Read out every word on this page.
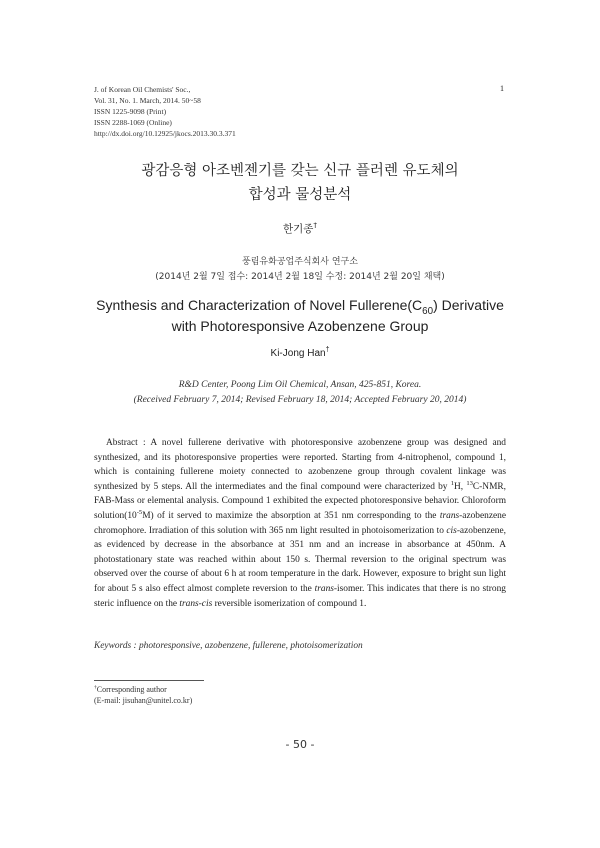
J. of Korean Oil Chemists' Soc.,
Vol. 31, No. 1. March, 2014. 50~58
ISSN 1225-9098 (Print)
ISSN 2288-1069 (Online)
http://dx.doi.org/10.12925/jkocs.2013.30.3.371
1
광감응형 아조벤젠기를 갖는 신규 플러렌 유도체의
합성과 물성분석
한기종†
풍림유화공업주식회사 연구소
(2014년 2월 7일 접수: 2014년 2월 18일 수정: 2014년 2월 20일 채택)
Synthesis and Characterization of Novel $Fullerene(C_{60})$ Derivative
with Photoresponsive Azobenzene Group
Ki-Jong Han†
R&D Center, Poong Lim Oil Chemical, Ansan, 425-851, Korea.
(Received February 7, 2014; Revised February 18, 2014; Accepted February 20, 2014)
Abstract : A novel fullerene derivative with photoresponsive azobenzene group was designed and synthesized, and its photoresponsive properties were reported. Starting from 4-nitrophenol, compound 1, which is containing fullerene moiety connected to azobenzene group through covalent linkage was synthesized by 5 steps. All the intermediates and the final compound were characterized by $^1$H, $^{13}$C-NMR, FAB-Mass or elemental analysis. Compound 1 exhibited the expected photoresponsive behavior. Chloroform $solution(10^{-5}M)$ of it served to maximize the absorption at 351 nm corresponding to the trans-azobenzene chromophore. Irradiation of this solution with 365 nm light resulted in photoisomerization to cis-azobenzene, as evidenced by decrease in the absorbance at 351 nm and an increase in absorbance at 450nm. A photostationary state was reached within about 150 s. Thermal reversion to the original spectrum was observed over the course of about 6 h at room temperature in the dark. However, exposure to bright sun light for about 5 s also effect almost complete reversion to the trans-isomer. This indicates that there is no strong steric influence on the trans-cis reversible isomerization of compound 1.
Keywords : photoresponsive, azobenzene, fullerene, photoisomerization
†Corresponding author
(E-mail: jisuhan@unitel.co.kr)
- 50 -
